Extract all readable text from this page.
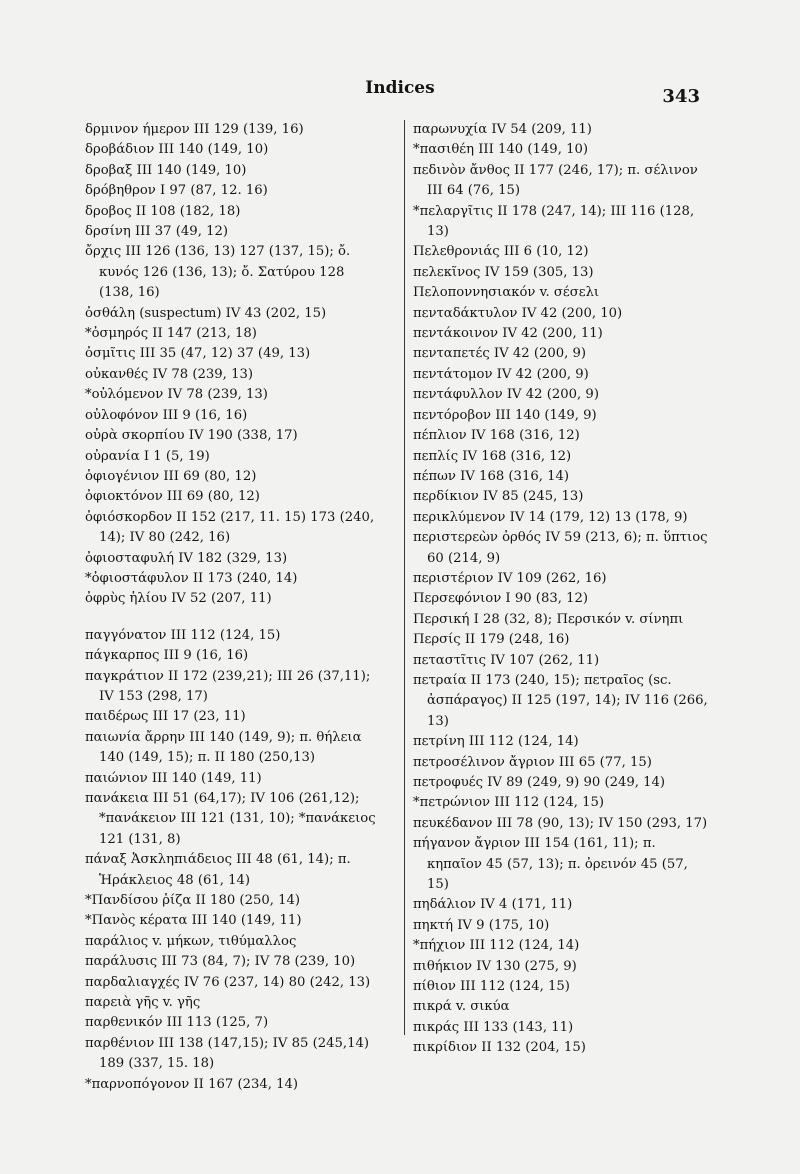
Indices	343
δρμινον ήμερον III 129 (139, 16)
δροβάδιον III 140 (149, 10)
δροβαξ III 140 (149, 10)
δρόβηθρον I 97 (87, 12. 16)
δροβος II 108 (182, 18)
δρσίνη III 37 (49, 12)
ὄρχις III 126 (136, 13) 127 (137, 15); ὄ. κυνός 126 (136, 13); ὄ. Σατύρου 128 (138, 16)
ὀσθάλη (suspectum) IV 43 (202, 15)
*ὀσμηρός II 147 (213, 18)
ὀσμῖτις III 35 (47, 12) 37 (49, 13)
οὐκανθές IV 78 (239, 13)
*οὐλόμενον IV 78 (239, 13)
οὐλοφόνον III 9 (16, 16)
οὐρὰ σκορπίου IV 190 (338, 17)
οὐρανία I 1 (5, 19)
ὀφιογένιον III 69 (80, 12)
ὀφιοκτόνον III 69 (80, 12)
ὀφιόσκορδον II 152 (217, 11. 15) 173 (240, 14); IV 80 (242, 16)
ὀφιοσταφυλή IV 182 (329, 13)
*ὀφιοστάφυλον II 173 (240, 14)
ὀφρὺς ἡλίου IV 52 (207, 11)
παγγόνατον III 112 (124, 15)
πάγκαρπος III 9 (16, 16)
παγκράτιον II 172 (239,21); III 26 (37,11); IV 153 (298, 17)
παιδέρως III 17 (23, 11)
παιωνία ἄρρην III 140 (149, 9); π. θήλεια 140 (149, 15); π. II 180 (250,13)
παιώνιον III 140 (149, 11)
πανάκεια III 51 (64,17); IV 106 (261,12); *πανάκειον III 121 (131, 10); *πανάκειος 121 (131, 8)
πάναξ Ἀσκληπιάδειος III 48 (61, 14); π. Ἡράκλειος 48 (61, 14)
*Πανδίσου ῥίζα II 180 (250, 14)
*Πανὸς κέρατα III 140 (149, 11)
παράλιος v. μήκων, τιθύμαλλος
παράλυσις III 73 (84, 7); IV 78 (239, 10)
παρδαλιαγχές IV 76 (237, 14) 80 (242, 13)
παρειὰ γῆς v. γῆς
παρθενικόν III 113 (125, 7)
παρθένιον III 138 (147,15); IV 85 (245,14) 189 (337, 15. 18)
*παρνοπόγονον II 167 (234, 14)
παρωνυχία IV 54 (209, 11)
*πασιθέη III 140 (149, 10)
πεδινὸν ἄνθος II 177 (246, 17); π. σέλινον III 64 (76, 15)
*πελαργῖτις II 178 (247, 14); III 116 (128, 13)
Πελεθρονιάς III 6 (10, 12)
πελεκῖνος IV 159 (305, 13)
Πελοποννησιακόν v. σέσελι
πενταδάκτυλον IV 42 (200, 10)
πεντάκοινον IV 42 (200, 11)
πενταπετές IV 42 (200, 9)
πεντάτομον IV 42 (200, 9)
πεντάφυλλον IV 42 (200, 9)
πεντόροβον III 140 (149, 9)
πέπλιον IV 168 (316, 12)
πεπλίς IV 168 (316, 12)
πέπων IV 168 (316, 14)
περδίκιον IV 85 (245, 13)
περικλύμενον IV 14 (179, 12) 13 (178, 9)
περιστερεὼν ὀρθός IV 59 (213, 6); π. ὕπτιος 60 (214, 9)
περιστέριον IV 109 (262, 16)
Περσεφόνιον I 90 (83, 12)
Περσική I 28 (32, 8); Περσικόν v. σίνηπι
Περσίς II 179 (248, 16)
πεταστῖτις IV 107 (262, 11)
πετραία II 173 (240, 15); πετραῖος (sc. ἀσπάραγος) II 125 (197, 14); IV 116 (266, 13)
πετρίνη III 112 (124, 14)
πετροσέλινον ἄγριον III 65 (77, 15)
πετροφυές IV 89 (249, 9) 90 (249, 14)
*πετρώνιον III 112 (124, 15)
πευκέδανον III 78 (90, 13); IV 150 (293, 17)
πήγανον ἄγριον III 154 (161, 11); π. κηπαῖον 45 (57, 13); π. ὀρεινόν 45 (57, 15)
πηδάλιον IV 4 (171, 11)
πηκτή IV 9 (175, 10)
*πήχιον III 112 (124, 14)
πιθήκιον IV 130 (275, 9)
πίθιον III 112 (124, 15)
πικρά v. σικύα
πικράς III 133 (143, 11)
πικρίδιον II 132 (204, 15)
